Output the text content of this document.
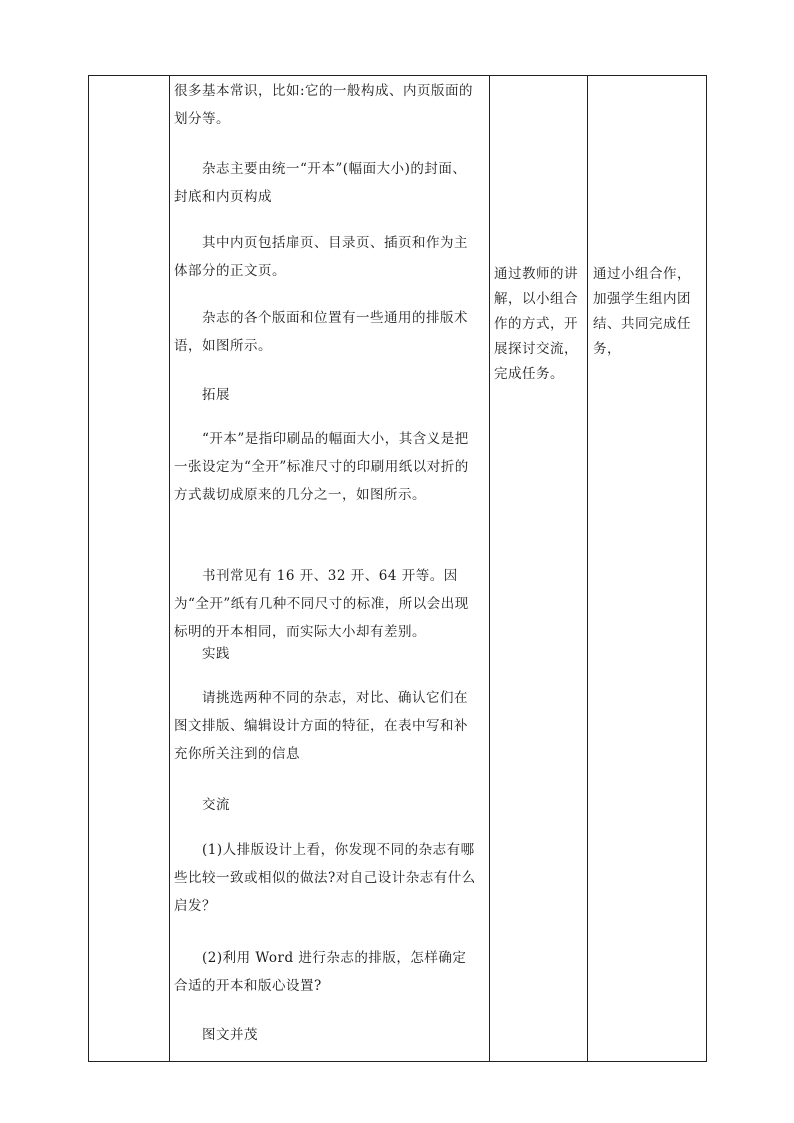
很多基本常识，比如:它的一般构成、内页版面的划分等。

杂志主要由统一“开本”(幅面大小)的封面、封底和内页构成

其中内页包括扉页、目录页、插页和作为主体部分的正文页。

杂志的各个版面和位置有一些通用的排版术语，如图所示。

拓展

“开本”是指印刷品的幅面大小，其含义是把一张设定为“全开”标准尺寸的印刷用纸以对折的方式裁切成原来的几分之一，如图所示。

书刊常见有 16 开、32 开、64 开等。因为“全开”纸有几种不同尺寸的标准，所以会出现标明的开本相同，而实际大小却有差别。

实践

请挑选两种不同的杂志，对比、确认它们在图文排版、编辑设计方面的特征，在表中写和补充你所关注到的信息

交流

(1)人排版设计上看，你发现不同的杂志有哪些比较一致或相似的做法?对自己设计杂志有什么启发？

(2)利用 Word 进行杂志的排版，怎样确定合适的开本和版心设置?

图文并茂

通过教师的讲解，以小组合作的方式，开展探讨交流，完成任务。
通过小组合作，加强学生组内团结、共同完成任务，
